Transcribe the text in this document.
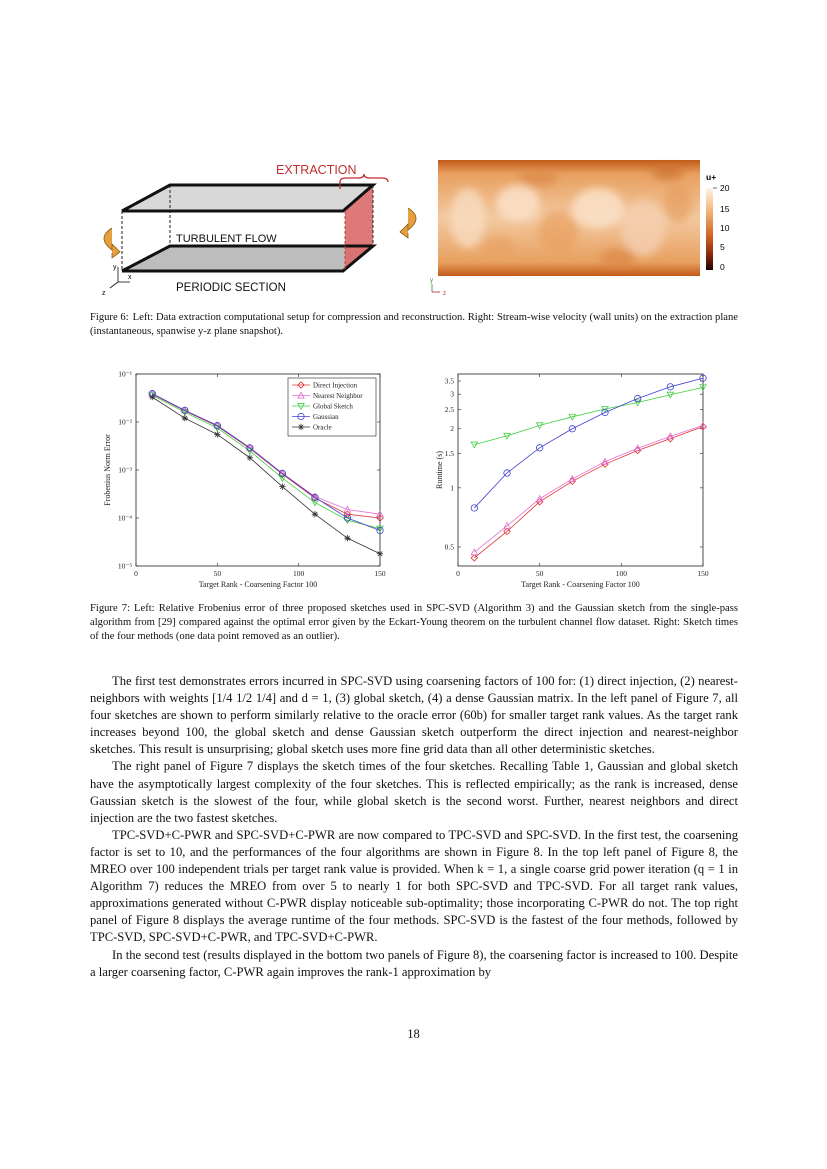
EXTRACTION
TURBULENT FLOW
PERIODIC SECTION
y
x
z
u+
20
15
10
5
0
y
z
Figure 6: Left: Data extraction computational setup for compression and reconstruction. Right: Stream-wise velocity (wall units) on the extraction plane (instantaneous, spanwise y-z plane snapshot).
0	50	100	150
10⁻¹
10⁻²
10⁻³
10⁻⁴
10⁻⁵
Target Rank - Coarsening Factor 100
Frobenius Norm Error
Direct Injection
Nearest Neighbor
Global Sketch
Gaussian
Oracle
0	50	100	150
3.5
3
2.5
2
1.5
1
0.5
Target Rank - Coarsening Factor 100
Runtime (s)
Figure 7: Left: Relative Frobenius error of three proposed sketches used in SPC-SVD (Algorithm 3) and the Gaussian sketch from the single-pass algorithm from [29] compared against the optimal error given by the Eckart-Young theorem on the turbulent channel flow dataset. Right: Sketch times of the four methods (one data point removed as an outlier).

The first test demonstrates errors incurred in SPC-SVD using coarsening factors of 100 for: (1) direct injection, (2) nearest-neighbors with weights [1/4 1/2 1/4] and d = 1, (3) global sketch, (4) a dense Gaussian matrix. In the left panel of Figure 7, all four sketches are shown to perform similarly relative to the oracle error (60b) for smaller target rank values. As the target rank increases beyond 100, the global sketch and dense Gaussian sketch outperform the direct injection and nearest-neighbor sketches. This result is unsurprising; global sketch uses more fine grid data than all other deterministic sketches.

The right panel of Figure 7 displays the sketch times of the four sketches. Recalling Table 1, Gaussian and global sketch have the asymptotically largest complexity of the four sketches. This is reflected empirically; as the rank is increased, dense Gaussian sketch is the slowest of the four, while global sketch is the second worst. Further, nearest neighbors and direct injection are the two fastest sketches.

TPC-SVD+C-PWR and SPC-SVD+C-PWR are now compared to TPC-SVD and SPC-SVD. In the first test, the coarsening factor is set to 10, and the performances of the four algorithms are shown in Figure 8. In the top left panel of Figure 8, the MREO over 100 independent trials per target rank value is provided. When k = 1, a single coarse grid power iteration (q = 1 in Algorithm 7) reduces the MREO from over 5 to nearly 1 for both SPC-SVD and TPC-SVD. For all target rank values, approximations generated without C-PWR display noticeable sub-optimality; those incorporating C-PWR do not. The top right panel of Figure 8 displays the average runtime of the four methods. SPC-SVD is the fastest of the four methods, followed by TPC-SVD, SPC-SVD+C-PWR, and TPC-SVD+C-PWR.

In the second test (results displayed in the bottom two panels of Figure 8), the coarsening factor is increased to 100. Despite a larger coarsening factor, C-PWR again improves the rank-1 approximation by

18
